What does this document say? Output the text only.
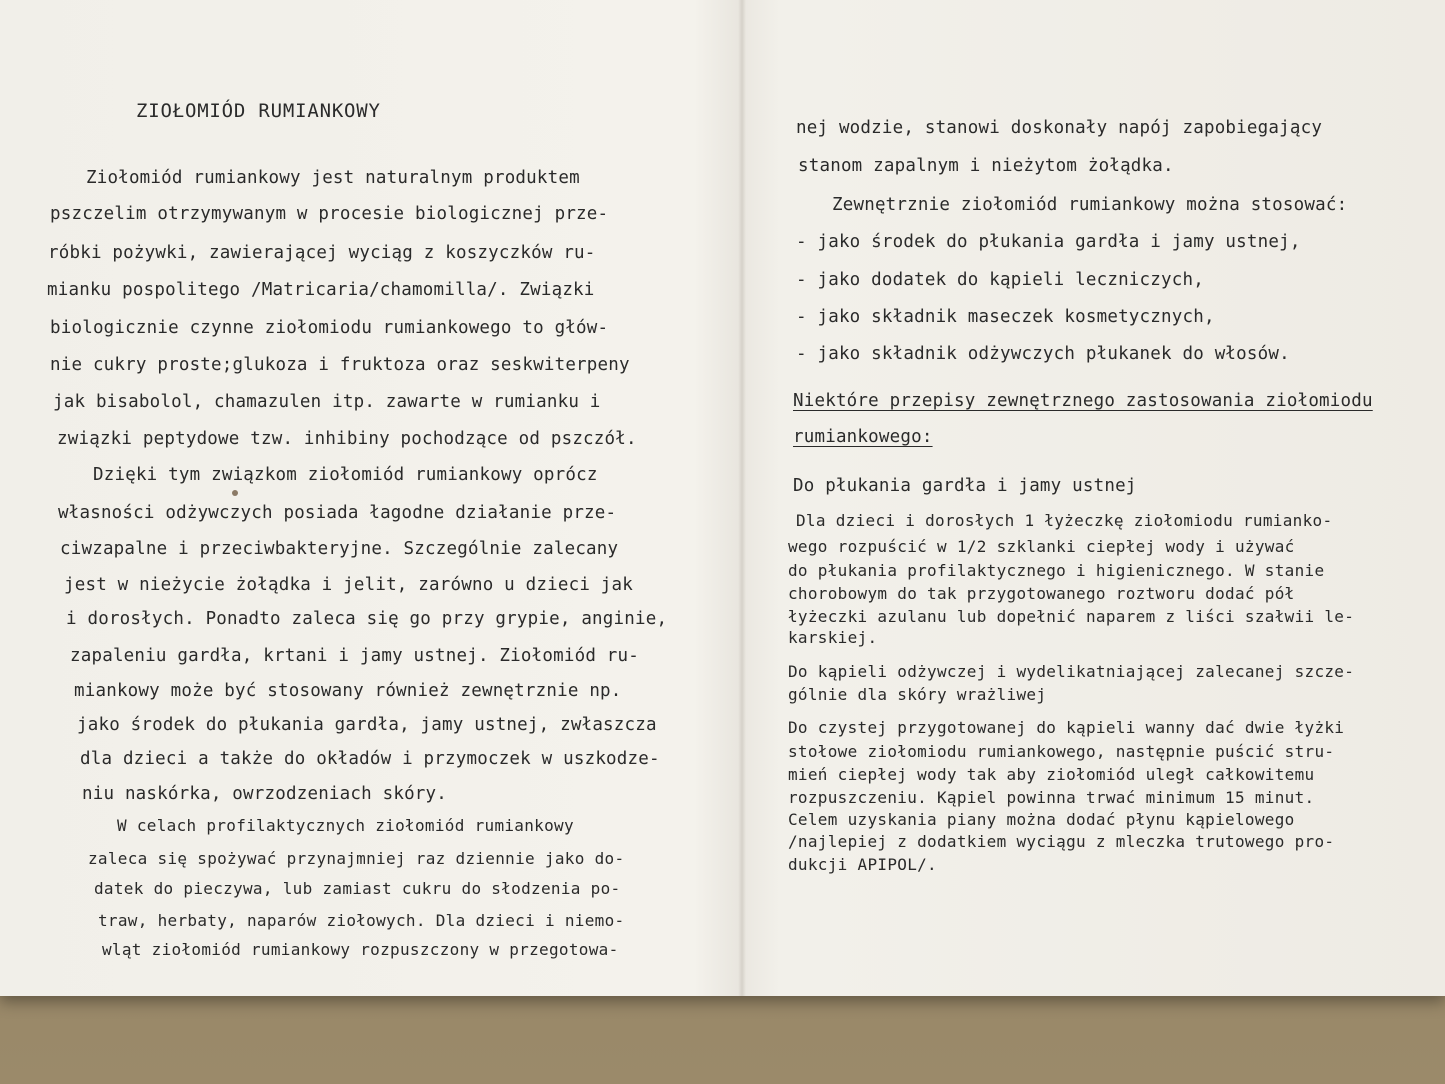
ZIOŁOMIÓD RUMIANKOWY
Ziołomiód rumiankowy jest naturalnym produktem
pszczelim otrzymywanym w procesie biologicznej prze-
róbki pożywki, zawierającej wyciąg z koszyczków ru-
mianku pospolitego /Matricaria/chamomilla/. Związki
biologicznie czynne ziołomiodu rumiankowego to głów-
nie cukry proste;glukoza i fruktoza oraz seskwiterpeny
jak bisabolol, chamazulen itp. zawarte w rumianku i
związki peptydowe tzw. inhibiny pochodzące od pszczół.
Dzięki tym związkom ziołomiód rumiankowy oprócz
własności odżywczych posiada łagodne działanie prze-
ciwzapalne i przeciwbakteryjne. Szczególnie zalecany
jest w nieżycie żołądka i jelit, zarówno u dzieci jak
i dorosłych. Ponadto zaleca się go przy grypie, anginie,
zapaleniu gardła, krtani i jamy ustnej. Ziołomiód ru-
miankowy może być stosowany również zewnętrznie np.
jako środek do płukania gardła, jamy ustnej, zwłaszcza
dla dzieci a także do okładów i przymoczek w uszkodze-
niu naskórka, owrzodzeniach skóry.
W celach profilaktycznych ziołomiód rumiankowy
zaleca się spożywać przynajmniej raz dziennie jako do-
datek do pieczywa, lub zamiast cukru do słodzenia po-
traw, herbaty, naparów ziołowych. Dla dzieci i niemo-
wląt ziołomiód rumiankowy rozpuszczony w przegotowa-
nej wodzie, stanowi doskonały napój zapobiegający
stanom zapalnym i nieżytom żołądka.
Zewnętrznie ziołomiód rumiankowy można stosować:
- jako środek do płukania gardła i jamy ustnej,
- jako dodatek do kąpieli leczniczych,
- jako składnik maseczek kosmetycznych,
- jako składnik odżywczych płukanek do włosów.
Niektóre przepisy zewnętrznego zastosowania ziołomiodu
rumiankowego:
Do płukania gardła i jamy ustnej
Dla dzieci i dorosłych 1 łyżeczkę ziołomiodu rumianko-
wego rozpuścić w 1/2 szklanki ciepłej wody i używać
do płukania profilaktycznego i higienicznego. W stanie
chorobowym do tak przygotowanego roztworu dodać pół
łyżeczki azulanu lub dopełnić naparem z liści szałwii le-
karskiej.
Do kąpieli odżywczej i wydelikatniającej zalecanej szcze-
gólnie dla skóry wrażliwej
Do czystej przygotowanej do kąpieli wanny dać dwie łyżki
stołowe ziołomiodu rumiankowego, następnie puścić stru-
mień ciepłej wody tak aby ziołomiód uległ całkowitemu
rozpuszczeniu. Kąpiel powinna trwać minimum 15 minut.
Celem uzyskania piany można dodać płynu kąpielowego
/najlepiej z dodatkiem wyciągu z mleczka trutowego pro-
dukcji APIPOL/.
